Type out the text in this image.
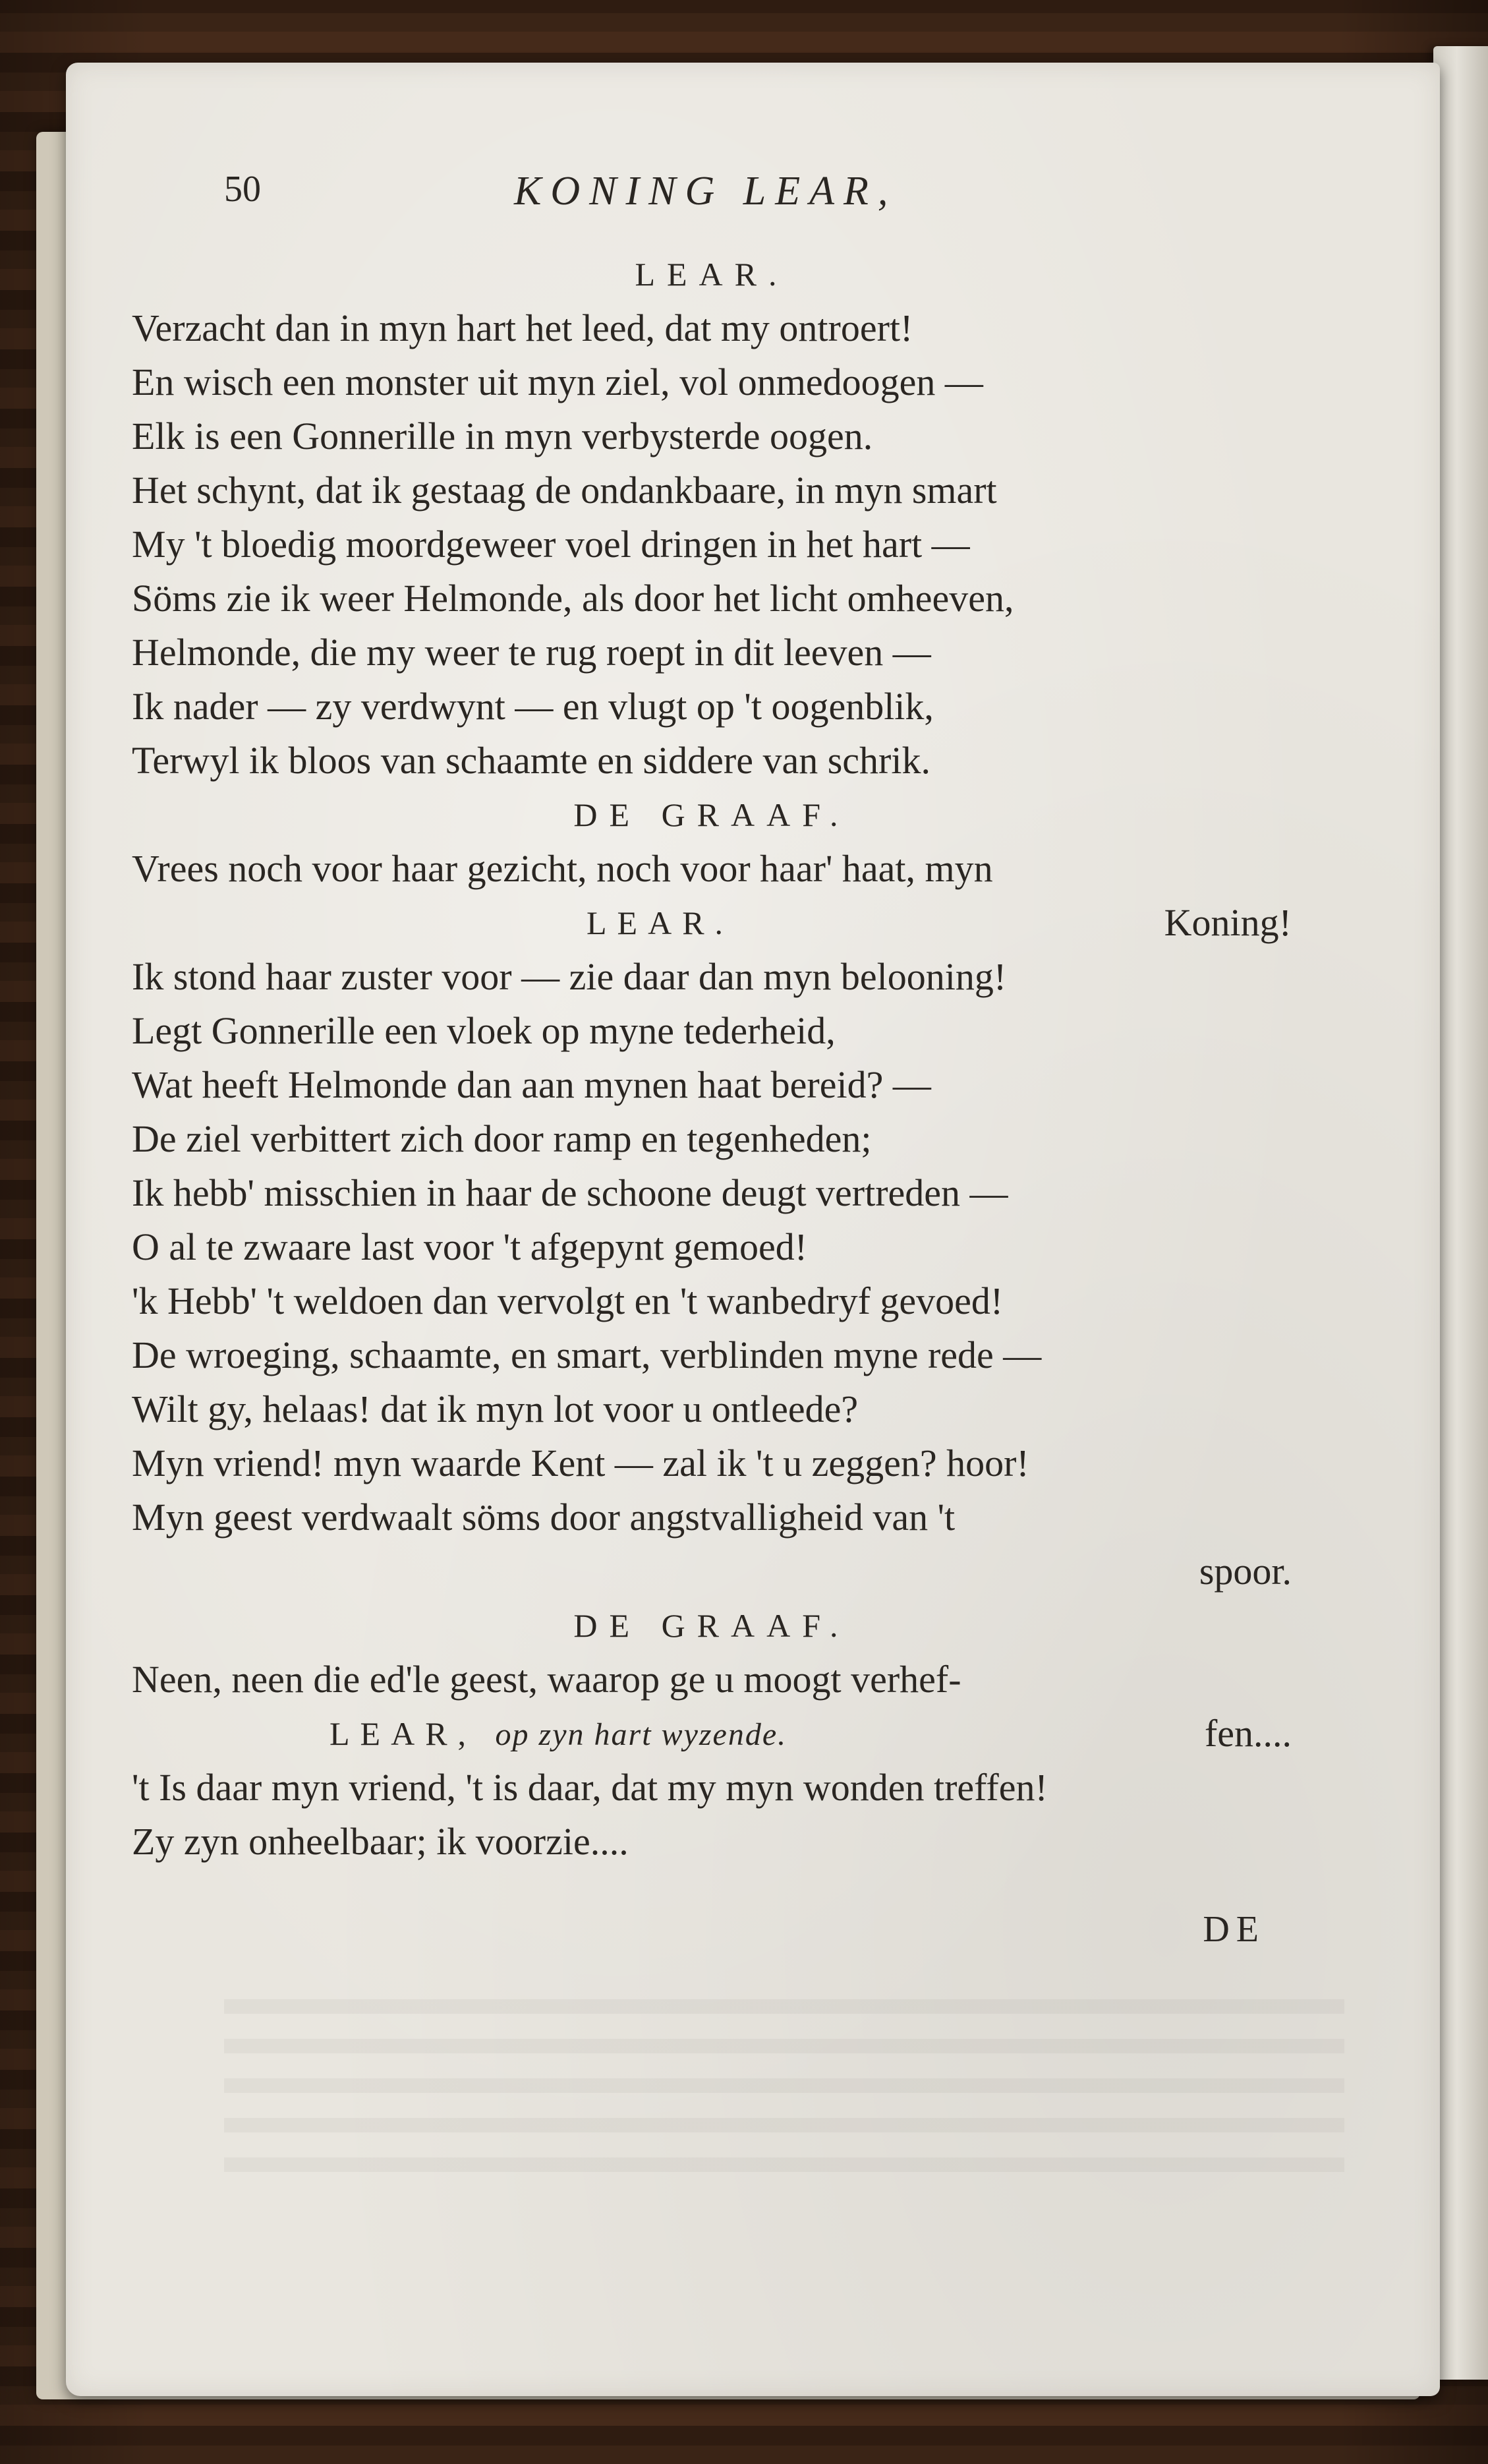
50	KONING LEAR,
LEAR.
Verzacht dan in myn hart het leed, dat my ontroert!
En wisch een monster uit myn ziel, vol onmedoogen —
Elk is een Gonnerille in myn verbysterde oogen.
Het schynt, dat ik gestaag de ondankbaare, in myn smart
My 't bloedig moordgeweer voel dringen in het hart —
Söms zie ik weer Helmonde, als door het licht omheeven,
Helmonde, die my weer te rug roept in dit leeven —
Ik nader — zy verdwynt — en vlugt op 't oogenblik,
Terwyl ik bloos van schaamte en siddere van schrik.
DE GRAAF.
Vrees noch voor haar gezicht, noch voor haar' haat, myn
LEAR.	Koning!
Ik stond haar zuster voor — zie daar dan myn belooning!
Legt Gonnerille een vloek op myne tederheid,
Wat heeft Helmonde dan aan mynen haat bereid? —
De ziel verbittert zich door ramp en tegenheden;
Ik hebb' misschien in haar de schoone deugt vertreden —
O al te zwaare last voor 't afgepynt gemoed!
'k Hebb' 't weldoen dan vervolgt en 't wanbedryf gevoed!
De wroeging, schaamte, en smart, verblinden myne rede —
Wilt gy, helaas! dat ik myn lot voor u ontleede?
Myn vriend! myn waarde Kent — zal ik 't u zeggen? hoor!
Myn geest verdwaalt söms door angstvalligheid van 't
spoor.
DE GRAAF.
Neen, neen die ed'le geest, waarop ge u moogt verhef-
LEAR, op zyn hart wyzende.	fen....
't Is daar myn vriend, 't is daar, dat my myn wonden treffen!
Zy zyn onheelbaar; ik voorzie....
DE
